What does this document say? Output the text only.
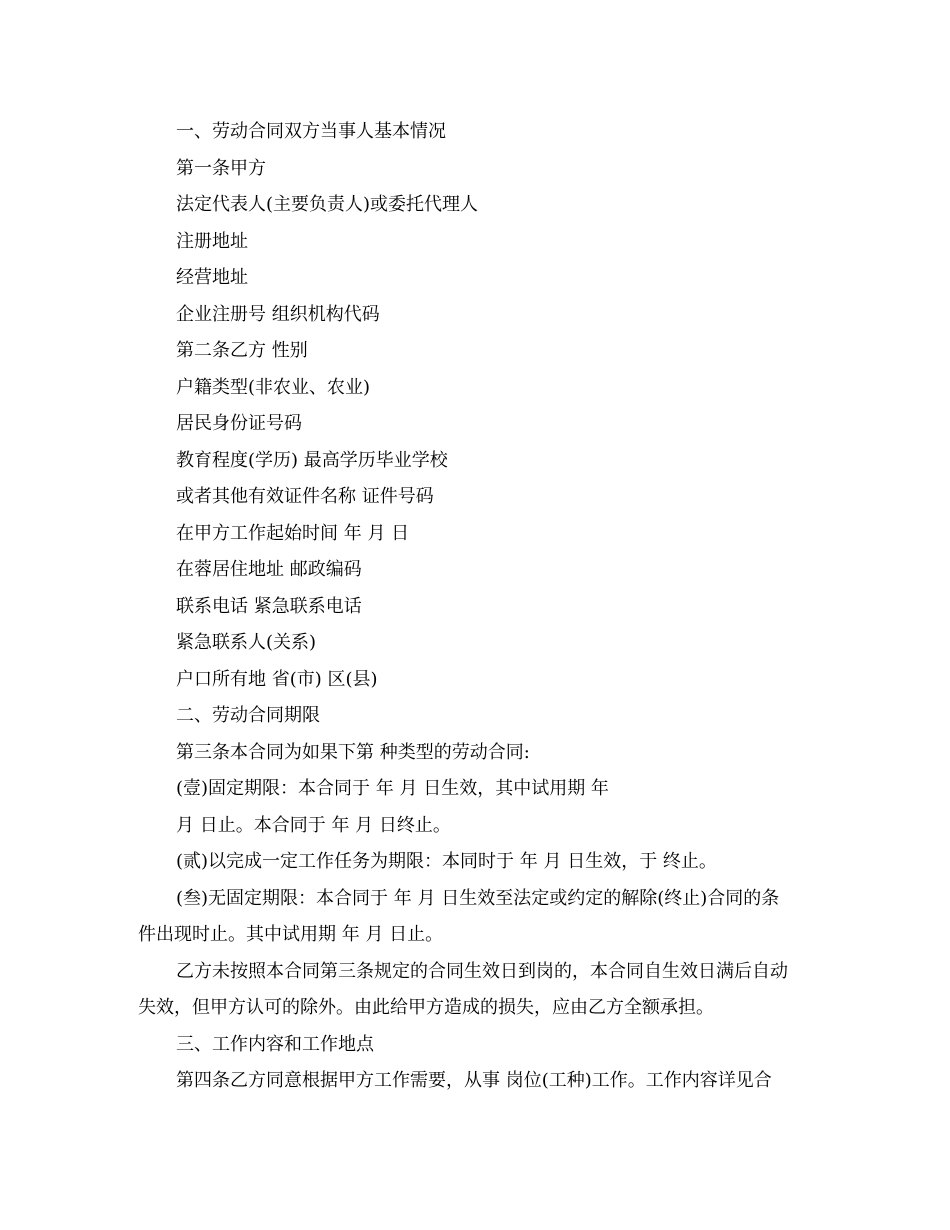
一、劳动合同双方当事人基本情况

第一条甲方

法定代表人(主要负责人)或委托代理人

注册地址

经营地址

企业注册号 组织机构代码

第二条乙方 性别

户籍类型(非农业、农业)

居民身份证号码

教育程度(学历) 最高学历毕业学校

或者其他有效证件名称 证件号码

在甲方工作起始时间 年 月 日

在蓉居住地址 邮政编码

联系电话 紧急联系电话

紧急联系人(关系)

户口所有地 省(市) 区(县)

二、劳动合同期限

第三条本合同为如果下第 种类型的劳动合同:

(壹)固定期限：本合同于 年 月 日生效，其中试用期 年

月 日止。本合同于 年 月 日终止。

(贰)以完成一定工作任务为期限：本同时于 年 月 日生效，于 终止。

(叁)无固定期限：本合同于 年 月 日生效至法定或约定的解除(终止)合同的条

件出现时止。其中试用期 年 月 日止。

乙方未按照本合同第三条规定的合同生效日到岗的，本合同自生效日满后自动

失效，但甲方认可的除外。由此给甲方造成的损失，应由乙方全额承担。

三、工作内容和工作地点

第四条乙方同意根据甲方工作需要，从事 岗位(工种)工作。工作内容详见合
